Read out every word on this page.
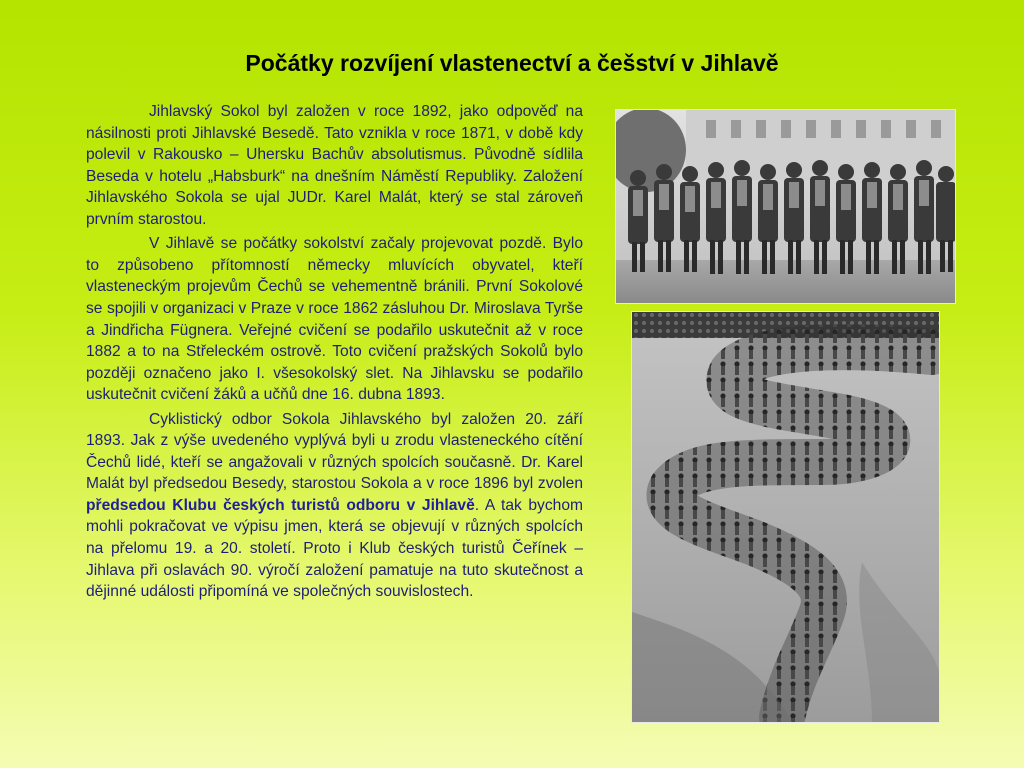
Počátky rozvíjení vlastenectví a češství v Jihlavě

Jihlavský Sokol byl založen v roce 1892, jako odpověď na násilnosti proti Jihlavské Besedě. Tato vznikla v roce 1871, v době kdy polevil v Rakousko – Uhersku Bachův absolutismus. Původně sídlila Beseda v hotelu „Habsburk“ na dnešním Náměstí Republiky. Založení Jihlavského Sokola se ujal JUDr. Karel Malát, který se stal zároveň prvním starostou.

V Jihlavě se počátky sokolství začaly projevovat pozdě. Bylo to způsobeno přítomností německy mluvících obyvatel, kteří vlasteneckým projevům Čechů se vehementně bránili. První Sokolové se spojili v organizaci v Praze v roce 1862 zásluhou Dr. Miroslava Tyrše a Jindřicha Fügnera. Veřejné cvičení se podařilo uskutečnit až v roce 1882 a to na Střeleckém ostrově. Toto cvičení pražských Sokolů bylo později označeno jako I. všesokolský slet. Na Jihlavsku se podařilo uskutečnit cvičení žáků a učňů dne 16. dubna 1893.

Cyklistický odbor Sokola Jihlavského byl založen 20. září 1893. Jak z výše uvedeného vyplývá byli u zrodu vlasteneckého cítění Čechů lidé, kteří se angažovali v různých spolcích současně. Dr. Karel Malát byl předsedou Besedy, starostou Sokola a v roce 1896 byl zvolen předsedou Klubu českých turistů odboru v Jihlavě. A tak bychom mohli pokračovat ve výpisu jmen, která se objevují v různých spolcích na přelomu 19. a 20. století. Proto i Klub českých turistů Čeřínek – Jihlava při oslavách 90. výročí založení pamatuje na tuto skutečnost a dějinné události připomíná ve společných souvislostech.
